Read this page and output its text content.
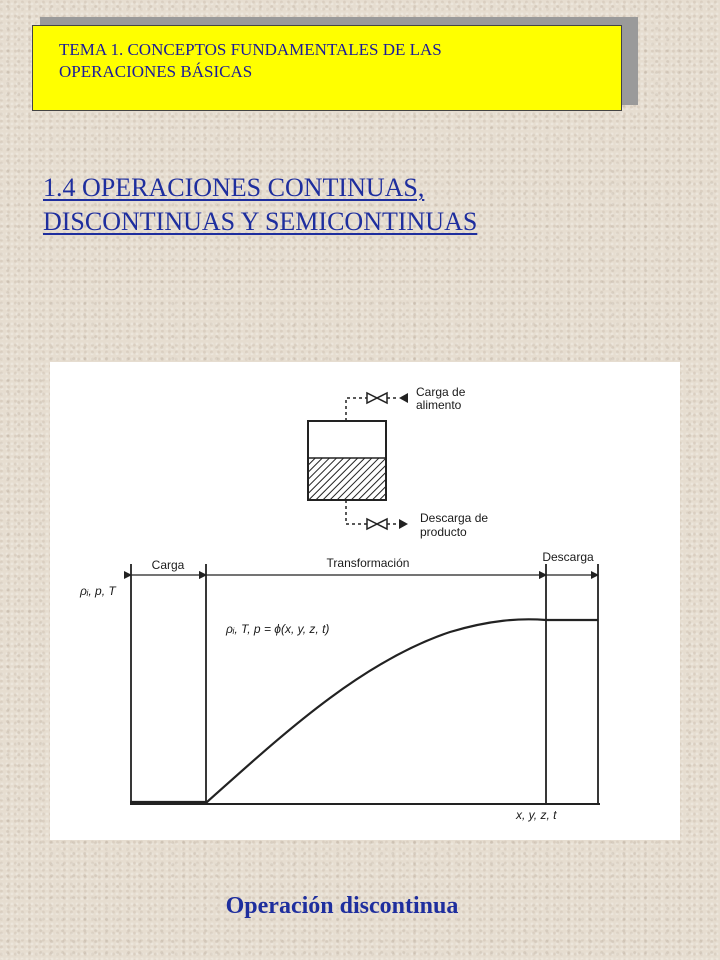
TEMA 1. CONCEPTOS FUNDAMENTALES DE LAS
OPERACIONES BÁSICAS
1.4 OPERACIONES CONTINUAS,
DISCONTINUAS Y SEMICONTINUAS
Carga de
alimento
Descarga de
producto
Carga	Transformación	Descarga
ρᵢ, p, T
x, y, z, t
ρᵢ, T, p = ϕ(x, y, z, t)
Operación discontinua
